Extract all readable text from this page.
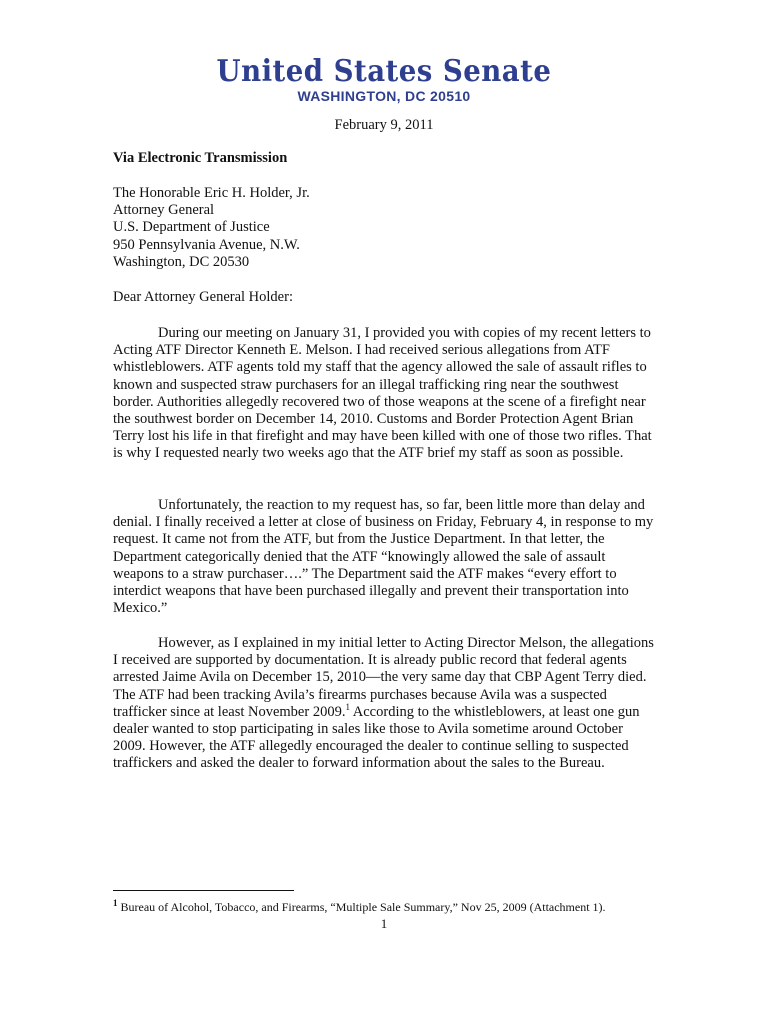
United States Senate
WASHINGTON, DC 20510
February 9, 2011
Via Electronic Transmission
The Honorable Eric H. Holder, Jr.
Attorney General
U.S. Department of Justice
950 Pennsylvania Avenue, N.W.
Washington, DC 20530
Dear Attorney General Holder:
During our meeting on January 31, I provided you with copies of my recent letters to Acting ATF Director Kenneth E. Melson. I had received serious allegations from ATF whistleblowers. ATF agents told my staff that the agency allowed the sale of assault rifles to known and suspected straw purchasers for an illegal trafficking ring near the southwest border. Authorities allegedly recovered two of those weapons at the scene of a firefight near the southwest border on December 14, 2010. Customs and Border Protection Agent Brian Terry lost his life in that firefight and may have been killed with one of those two rifles. That is why I requested nearly two weeks ago that the ATF brief my staff as soon as possible.
Unfortunately, the reaction to my request has, so far, been little more than delay and denial. I finally received a letter at close of business on Friday, February 4, in response to my request. It came not from the ATF, but from the Justice Department. In that letter, the Department categorically denied that the ATF “knowingly allowed the sale of assault weapons to a straw purchaser….” The Department said the ATF makes “every effort to interdict weapons that have been purchased illegally and prevent their transportation into Mexico.”
However, as I explained in my initial letter to Acting Director Melson, the allegations I received are supported by documentation. It is already public record that federal agents arrested Jaime Avila on December 15, 2010—the very same day that CBP Agent Terry died. The ATF had been tracking Avila’s firearms purchases because Avila was a suspected trafficker since at least November 2009.$^1$ According to the whistleblowers, at least one gun dealer wanted to stop participating in sales like those to Avila sometime around October 2009. However, the ATF allegedly encouraged the dealer to continue selling to suspected traffickers and asked the dealer to forward information about the sales to the Bureau.
$^1$ Bureau of Alcohol, Tobacco, and Firearms, “Multiple Sale Summary,” Nov 25, 2009 (Attachment 1).
1
